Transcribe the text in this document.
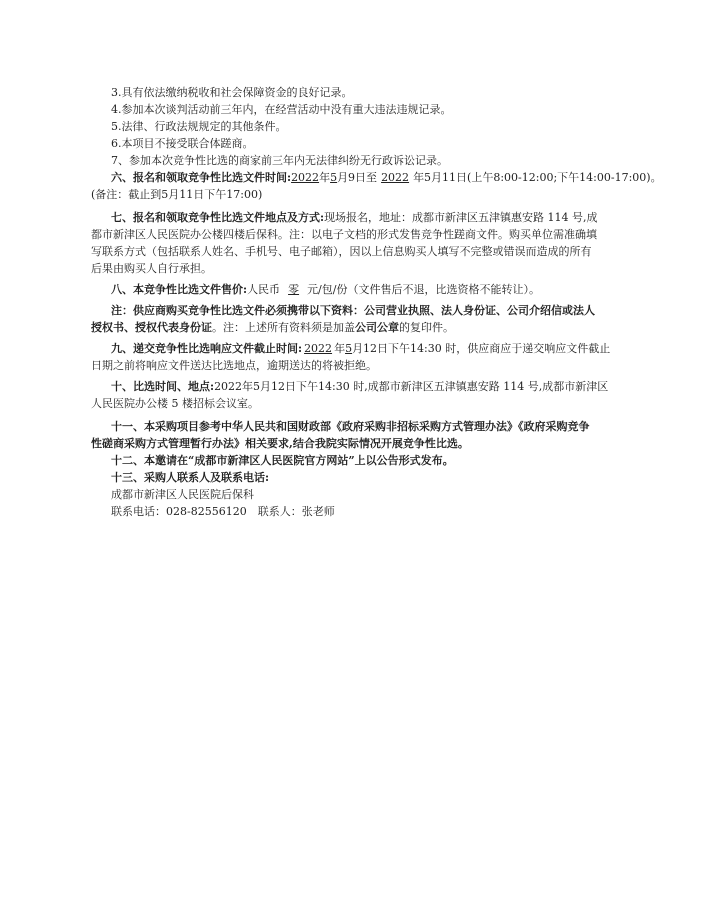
3.具有依法缴纳税收和社会保障资金的良好记录。
4.参加本次谈判活动前三年内，在经营活动中没有重大违法违规记录。
5.法律、行政法规规定的其他条件。
6.本项目不接受联合体蹉商。
7、参加本次竞争性比选的商家前三年内无法律纠纷无行政诉讼记录。
六、报名和领取竞争性比选文件时间:2022年5月9日至 2022 年5月11日(上午8:00-12:00;下午14:00-17:00)。
(备注：截止到5月11日下午17:00)
七、报名和领取竞争性比选文件地点及方式:现场报名，地址：成都市新津区五津镇惠安路 114 号,成
都市新津区人民医院办公楼四楼后保科。注：以电子文档的形式发售竞争性蹉商文件。购买单位需准确填
写联系方式（包括联系人姓名、手机号、电子邮箱），因以上信息购买人填写不完整或错误而造成的所有
后果由购买人自行承担。
八、本竞争性比选文件售价:人民币 零 元/包/份（文件售后不退，比选资格不能转让）。
注：供应商购买竞争性比选文件必须携带以下资料：公司营业执照、法人身份证、公司介绍信或法人
授权书、授权代表身份证。注：上述所有资料须是加盖公司公章的复印件。
九、递交竞争性比选响应文件截止时间: 2022 年5月12日下午14:30 时，供应商应于递交响应文件截止
日期之前将响应文件送达比选地点，逾期送达的将被拒绝。
十、比选时间、地点:2022年5月12日下午14:30 时,成都市新津区五津镇惠安路 114 号,成都市新津区
人民医院办公楼 5 楼招标会议室。
十一、本采购项目参考中华人民共和国财政部《政府采购非招标采购方式管理办法》《政府采购竞争
性磋商采购方式管理暂行办法》相关要求,结合我院实际情况开展竞争性比选。
十二、本邀请在“成都市新津区人民医院官方网站”上以公告形式发布。
十三、采购人联系人及联系电话:
成都市新津区人民医院后保科
联系电话：028-82556120　联系人：张老师
